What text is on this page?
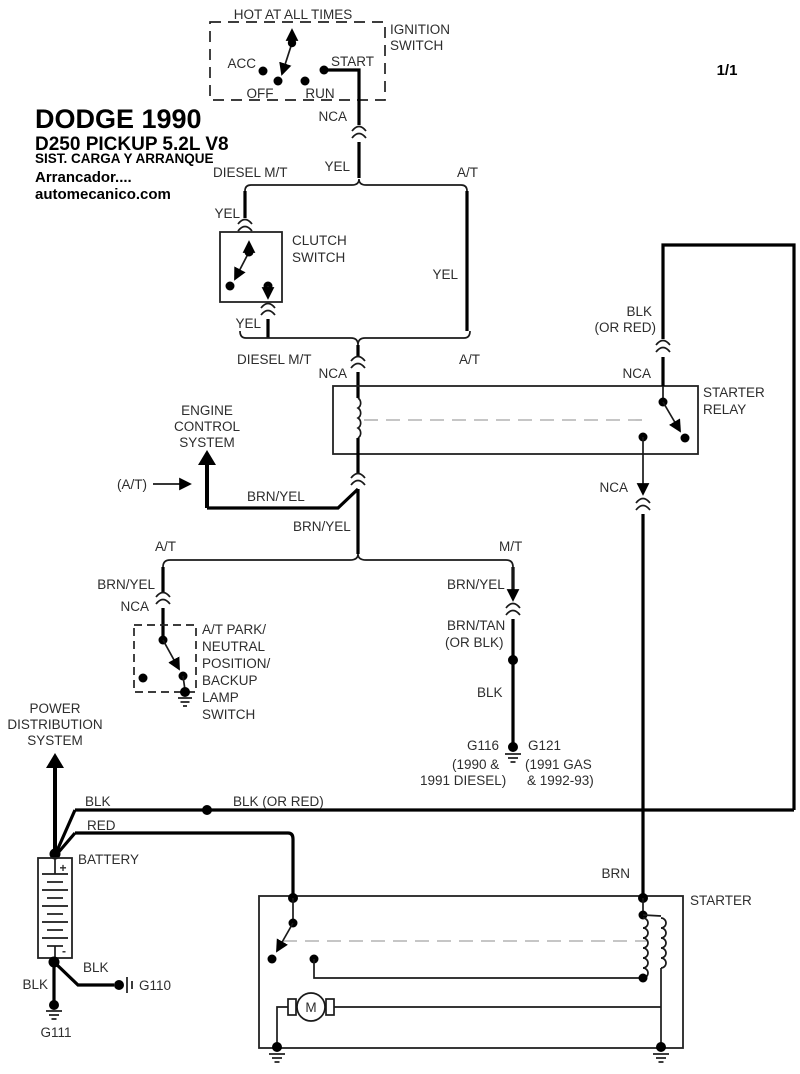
DODGE 1990
D250 PICKUP 5.2L V8
SIST. CARGA Y ARRANQUE
Arrancador....
automecanico.com
1/1
HOT AT ALL TIMES
IGNITION
SWITCH
ACC
OFF RUN
START
NCA
YEL
DIESEL M/T	A/T
YEL
YEL
CLUTCH
SWITCH
YEL
DIESEL M/T	A/T
NCA
STARTER
RELAY
BLK
(OR RED)
NCA
NCA
BRN
ENGINE
CONTROL
SYSTEM
(A/T)
BRN/YEL
BRN/YEL
A/T	M/T
BRN/YEL
NCA
A/T PARK/
NEUTRAL
POSITION/
BACKUP
LAMP
SWITCH
BRN/YEL
BRN/TAN
(OR BLK)
BLK
G116 G121
(1990 &
1991 DIESEL)
(1991 GAS
& 1992-93)
POWER
DISTRIBUTION
SYSTEM
BLK	BLK (OR RED)
RED
+
-
BATTERY
BLK
G111
BLK
G110
STARTER
M
